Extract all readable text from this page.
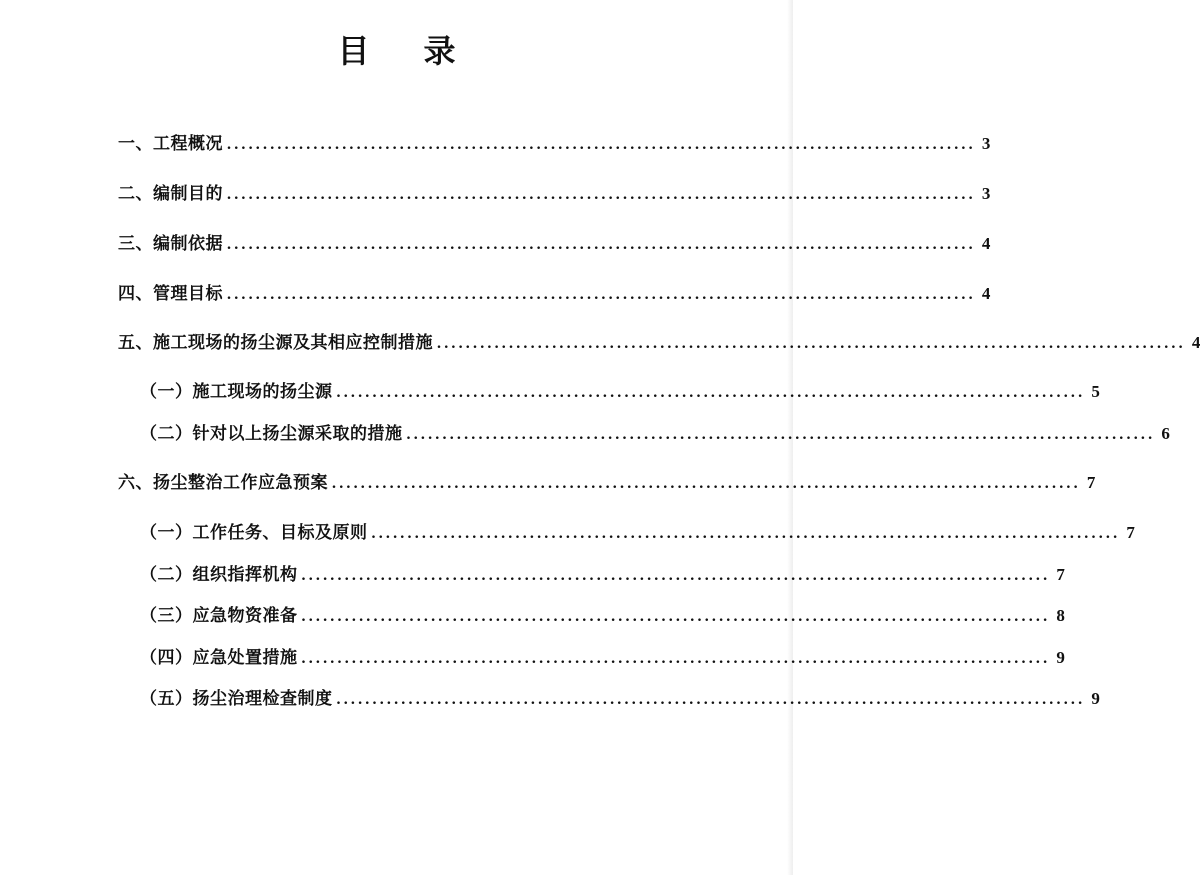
目 录
一、工程概况 ........................................................................................................ 3
二、编制目的 ........................................................................................................ 3
三、编制依据 ........................................................................................................ 4
四、管理目标 ........................................................................................................ 4
五、施工现场的扬尘源及其相应控制措施 ........................................................................................................ 4
（一）施工现场的扬尘源 ........................................................................................................ 5
（二）针对以上扬尘源采取的措施 ........................................................................................................ 6
六、扬尘整治工作应急预案 ........................................................................................................ 7
（一）工作任务、目标及原则 ........................................................................................................ 7
（二）组织指挥机构 ........................................................................................................ 7
（三）应急物资准备 ........................................................................................................ 8
（四）应急处置措施 ........................................................................................................ 9
（五）扬尘治理检查制度 ........................................................................................................ 9
